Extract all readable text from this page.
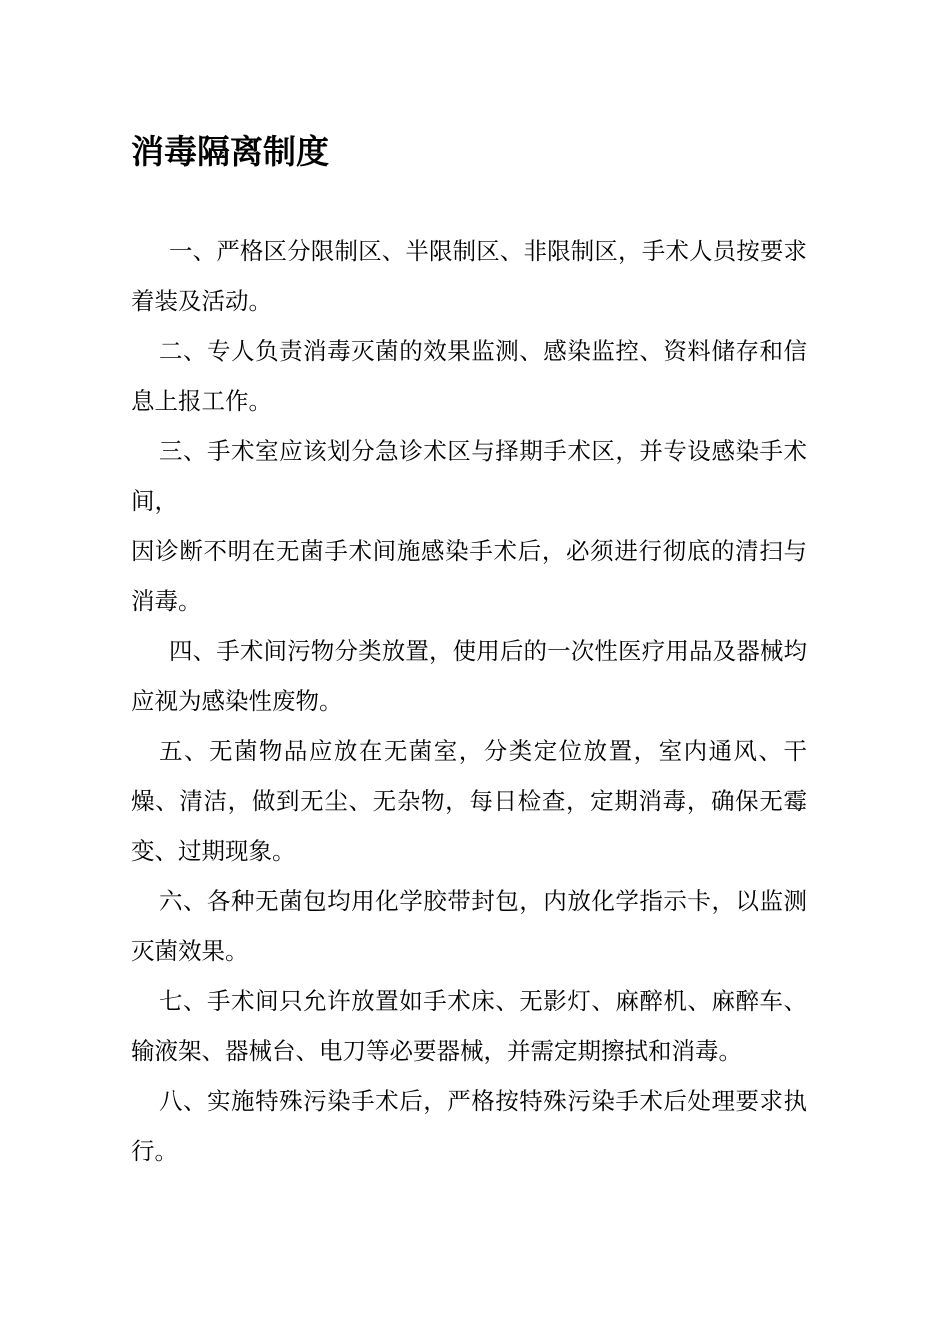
消毒隔离制度

一、严格区分限制区、半限制区、非限制区，手术人员按要求着装及活动。

二、专人负责消毒灭菌的效果监测、感染监控、资料储存和信息上报工作。

三、手术室应该划分急诊术区与择期手术区，并专设感染手术间，

因诊断不明在无菌手术间施感染手术后，必须进行彻底的清扫与消毒。

四、手术间污物分类放置，使用后的一次性医疗用品及器械均应视为感染性废物。

五、无菌物品应放在无菌室，分类定位放置，室内通风、干燥、清洁，做到无尘、无杂物，每日检查，定期消毒，确保无霉变、过期现象。

六、各种无菌包均用化学胶带封包，内放化学指示卡，以监测灭菌效果。

七、手术间只允许放置如手术床、无影灯、麻醉机、麻醉车、输液架、器械台、电刀等必要器械，并需定期擦拭和消毒。

八、实施特殊污染手术后，严格按特殊污染手术后处理要求执行。
